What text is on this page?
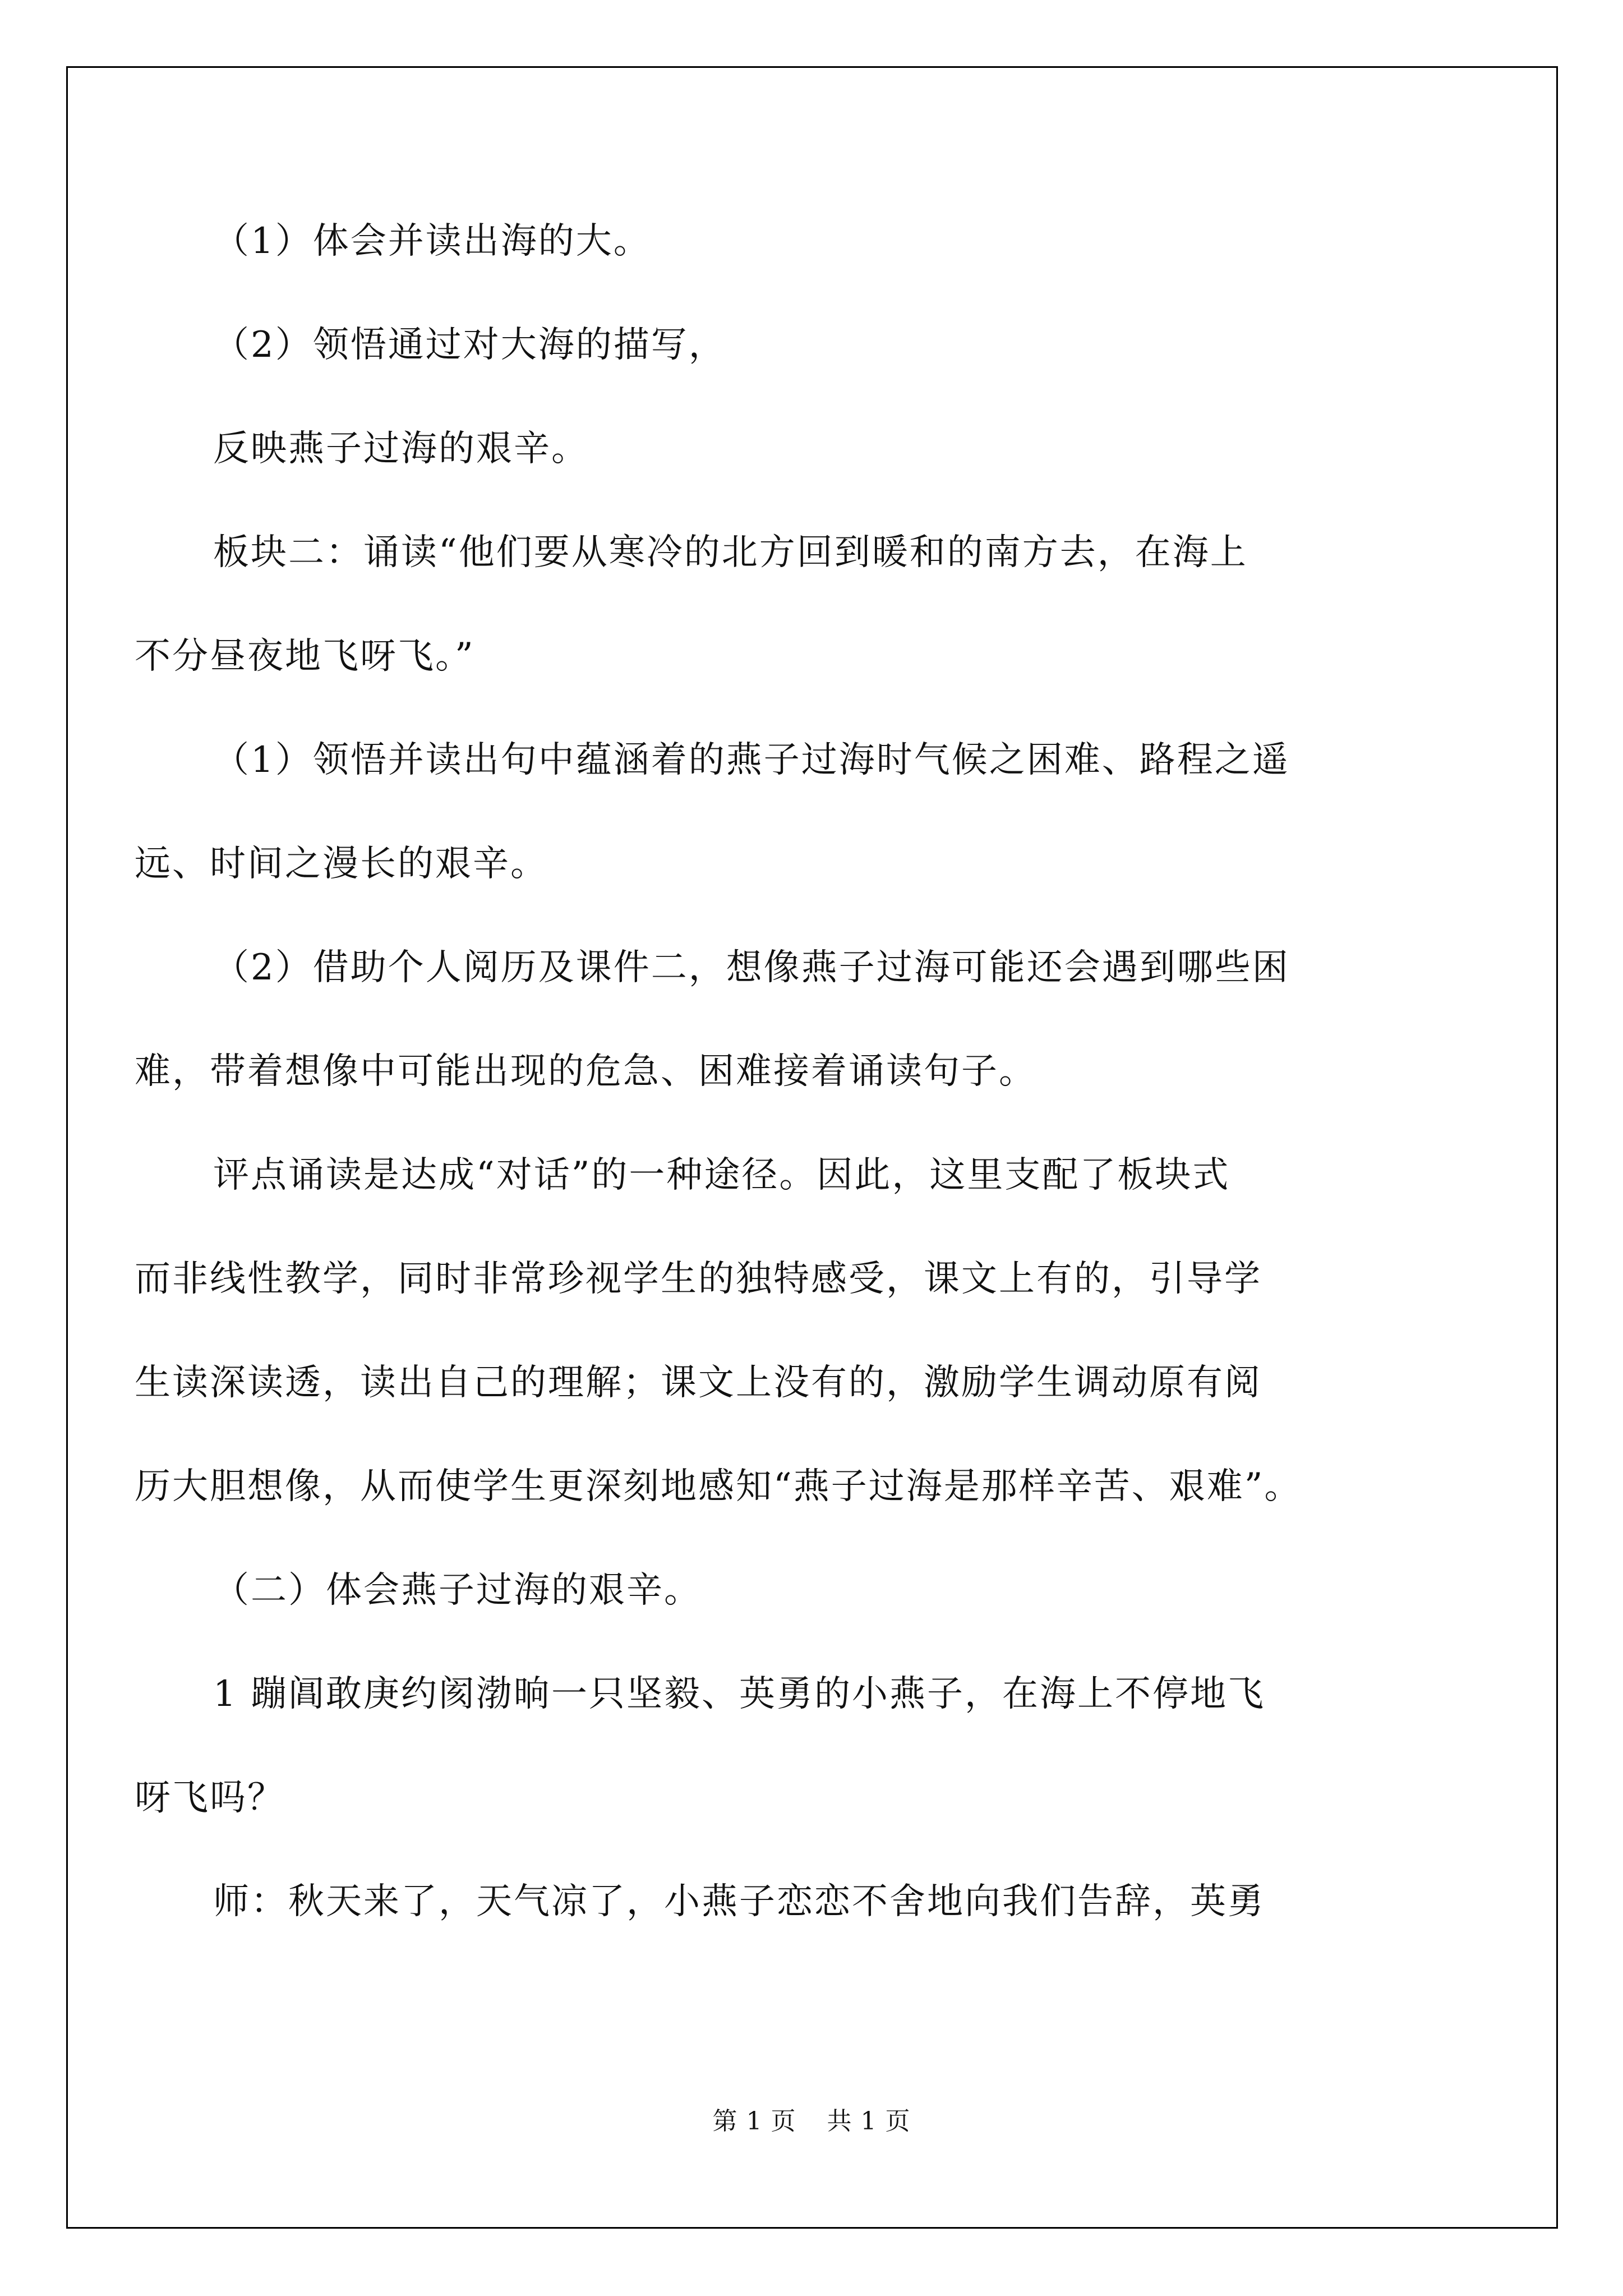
（1）体会并读出海的大。
（2）领悟通过对大海的描写，
反映燕子过海的艰辛。
板块二：诵读“他们要从寒冷的北方回到暖和的南方去，在海上
不分昼夜地飞呀飞。”
（1）领悟并读出句中蕴涵着的燕子过海时气候之困难、路程之遥
远、时间之漫长的艰辛。
（2）借助个人阅历及课件二，想像燕子过海可能还会遇到哪些困
难，带着想像中可能出现的危急、困难接着诵读句子。
评点诵读是达成“对话”的一种途径。因此，这里支配了板块式
而非线性教学，同时非常珍视学生的独特感受，课文上有的，引导学
生读深读透，读出自己的理解；课文上没有的，激励学生调动原有阅
历大胆想像，从而使学生更深刻地感知“燕子过海是那样辛苦、艰难”。
（二）体会燕子过海的艰辛。
1 蹦阊敢庚约阂渤晌一只坚毅、英勇的小燕子，在海上不停地飞
呀飞吗？
师：秋天来了，天气凉了，小燕子恋恋不舍地向我们告辞，英勇
第 1 页 共 1 页
